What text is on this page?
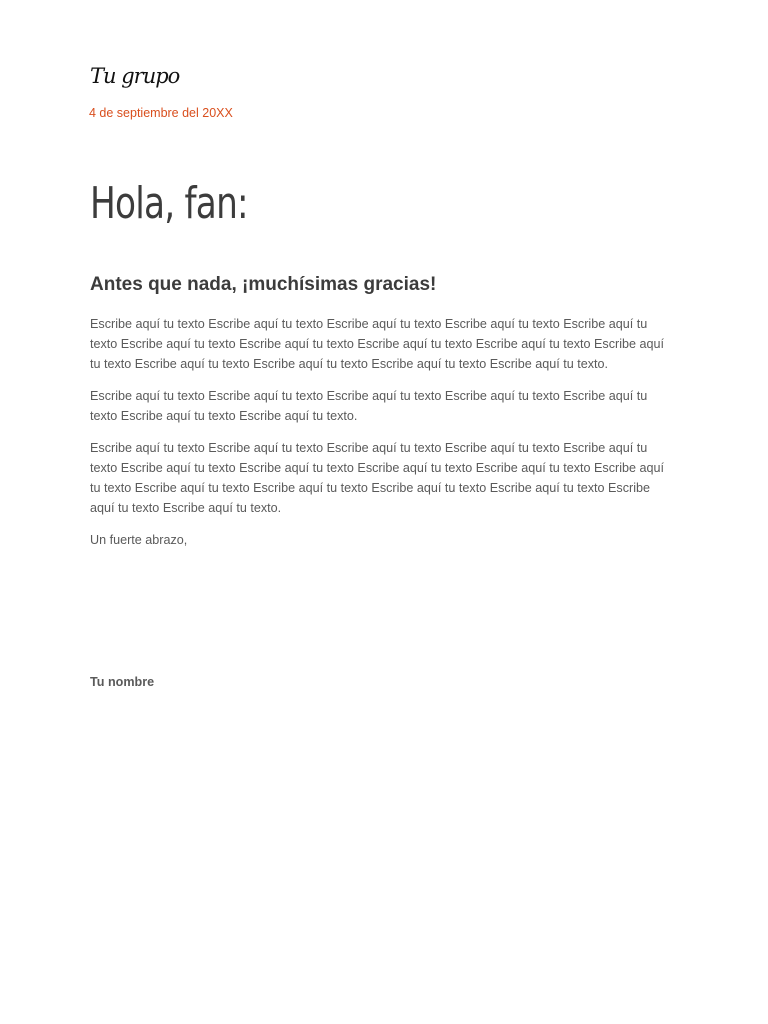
Tu grupo
4 de septiembre del 20XX
Hola, fan:
Antes que nada, ¡muchísimas gracias!

Escribe aquí tu texto Escribe aquí tu texto Escribe aquí tu texto Escribe aquí tu texto Escribe aquí tu texto Escribe aquí tu texto Escribe aquí tu texto Escribe aquí tu texto Escribe aquí tu texto Escribe aquí tu texto Escribe aquí tu texto Escribe aquí tu texto Escribe aquí tu texto Escribe aquí tu texto.

Escribe aquí tu texto Escribe aquí tu texto Escribe aquí tu texto Escribe aquí tu texto Escribe aquí tu texto Escribe aquí tu texto Escribe aquí tu texto.

Escribe aquí tu texto Escribe aquí tu texto Escribe aquí tu texto Escribe aquí tu texto Escribe aquí tu texto Escribe aquí tu texto Escribe aquí tu texto Escribe aquí tu texto Escribe aquí tu texto Escribe aquí tu texto Escribe aquí tu texto Escribe aquí tu texto Escribe aquí tu texto Escribe aquí tu texto Escribe aquí tu texto Escribe aquí tu texto.

Un fuerte abrazo,

Tu nombre
